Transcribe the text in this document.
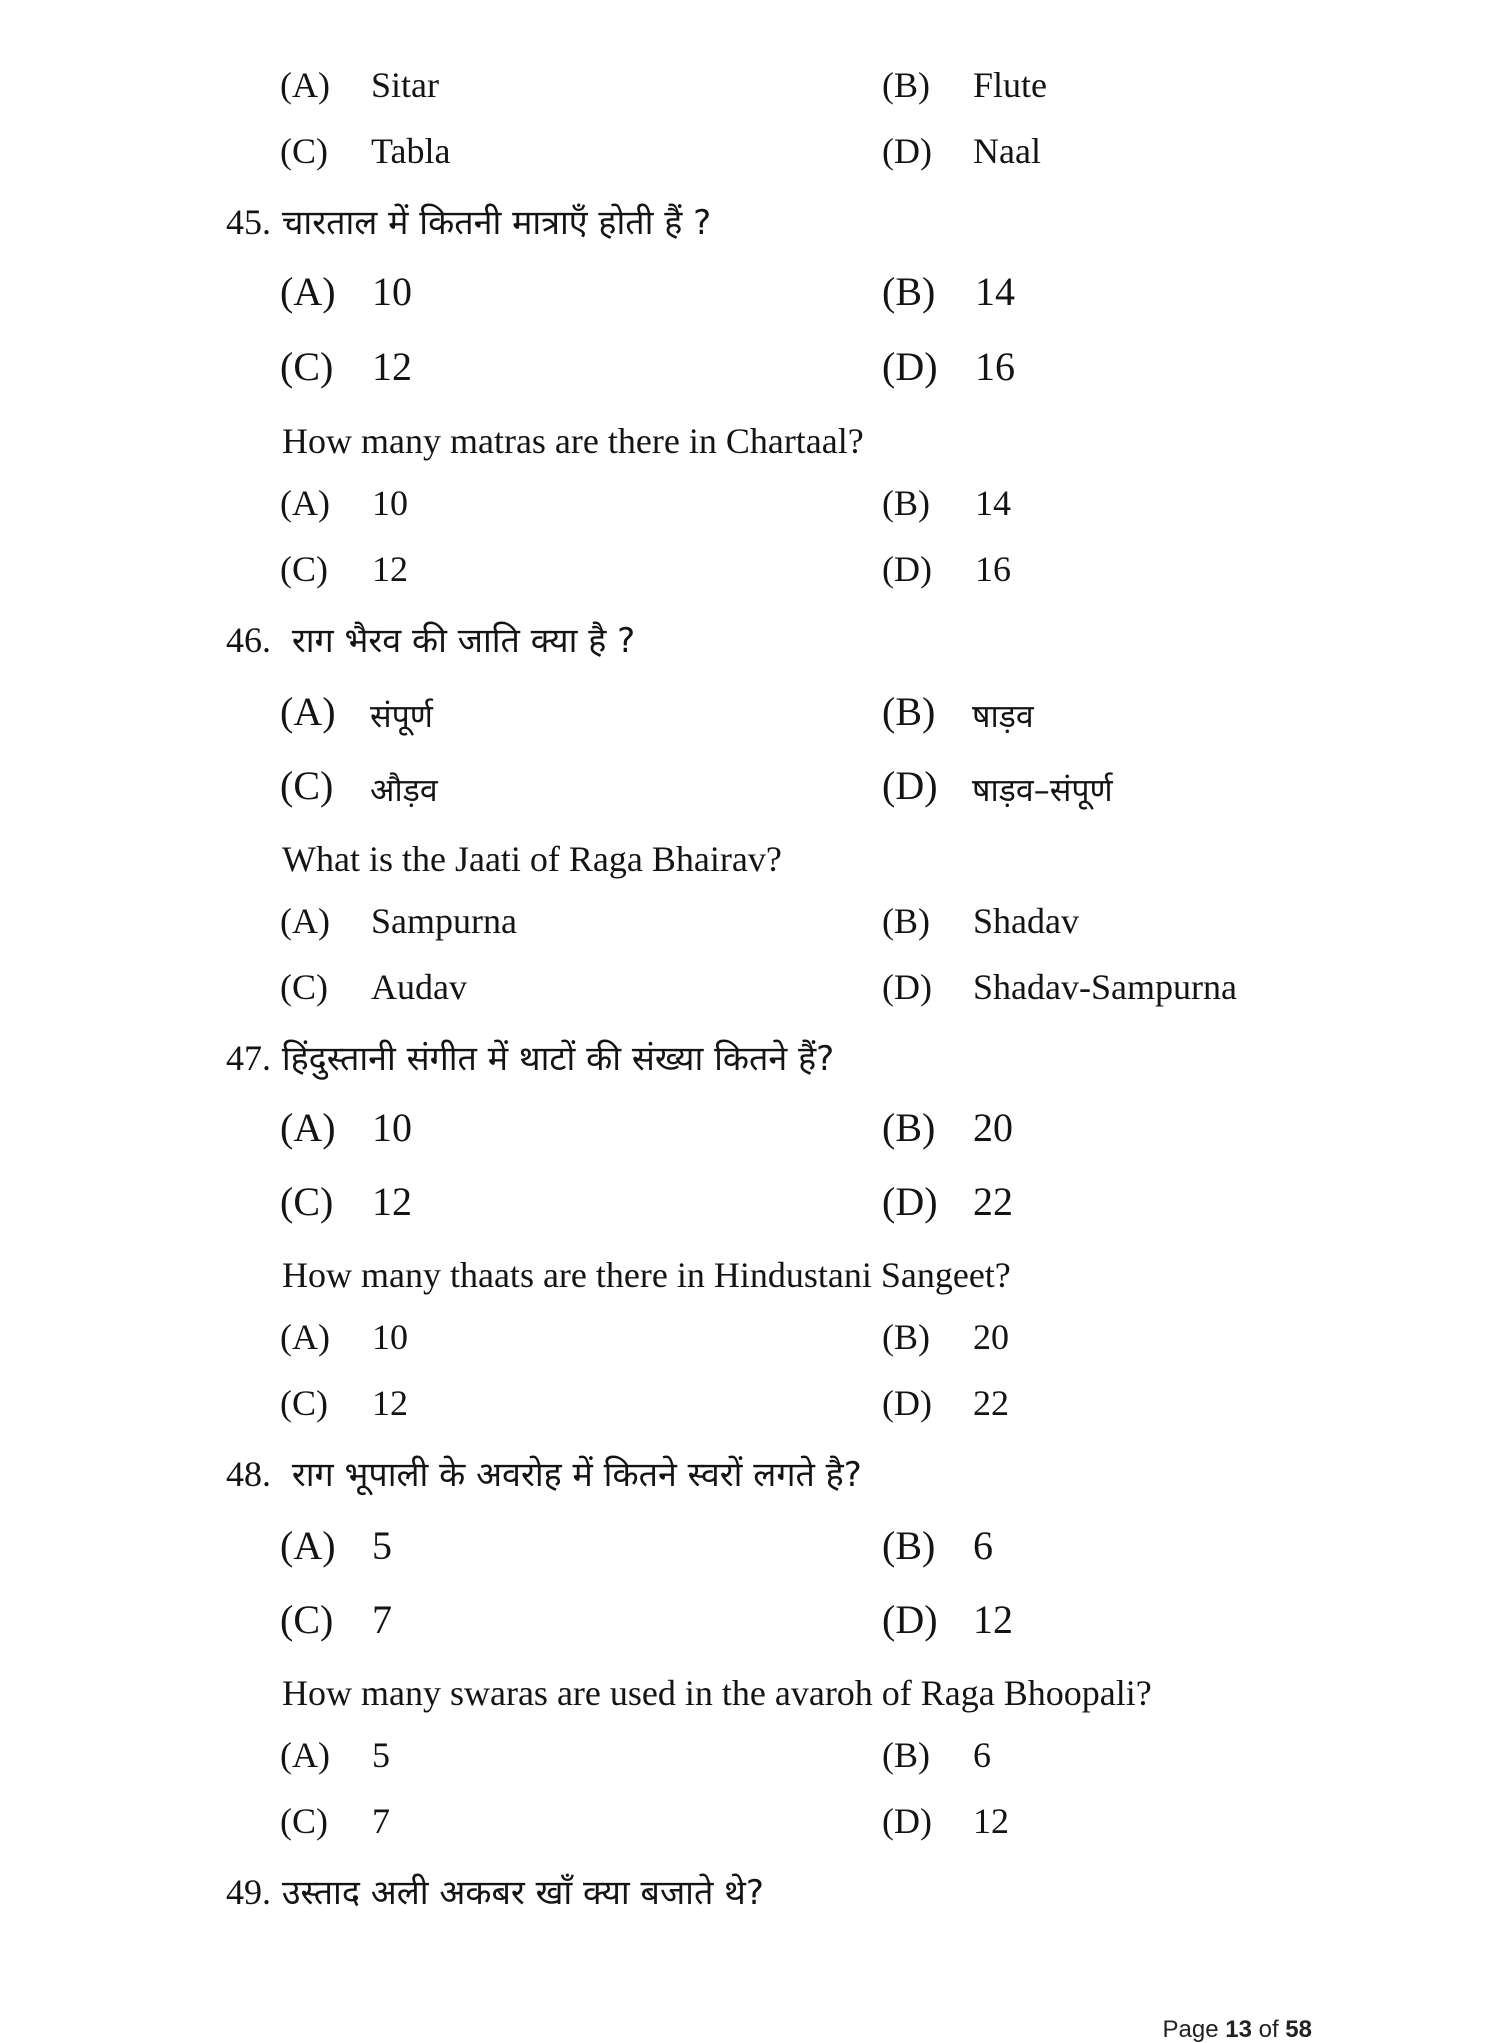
(A) Sitar	(B) Flute
(C) Tabla	(D) Naal
45. चारताल में कितनी मात्राएँ होती हैं ?
(A) 10	(B) 14
(C) 12	(D) 16
How many matras are there in Chartaal?
(A) 10	(B) 14
(C) 12	(D) 16
46. राग भैरव की जाति क्या है ?
(A) संपूर्ण	(B) षाड़व
(C) औड़व	(D) षाड़व–संपूर्ण
What is the Jaati of Raga Bhairav?
(A) Sampurna	(B) Shadav
(C) Audav	(D) Shadav-Sampurna
47. हिंदुस्तानी संगीत में थाटों की संख्या कितने हैं?
(A) 10	(B) 20
(C) 12	(D) 22
How many thaats are there in Hindustani Sangeet?
(A) 10	(B) 20
(C) 12	(D) 22
48. राग भूपाली के अवरोह में कितने स्वरों लगते है?
(A) 5	(B) 6
(C) 7	(D) 12
How many swaras are used in the avaroh of Raga Bhoopali?
(A) 5	(B) 6
(C) 7	(D) 12
49. उस्ताद अली अकबर खाँ क्या बजाते थे?
Page 13 of 58
